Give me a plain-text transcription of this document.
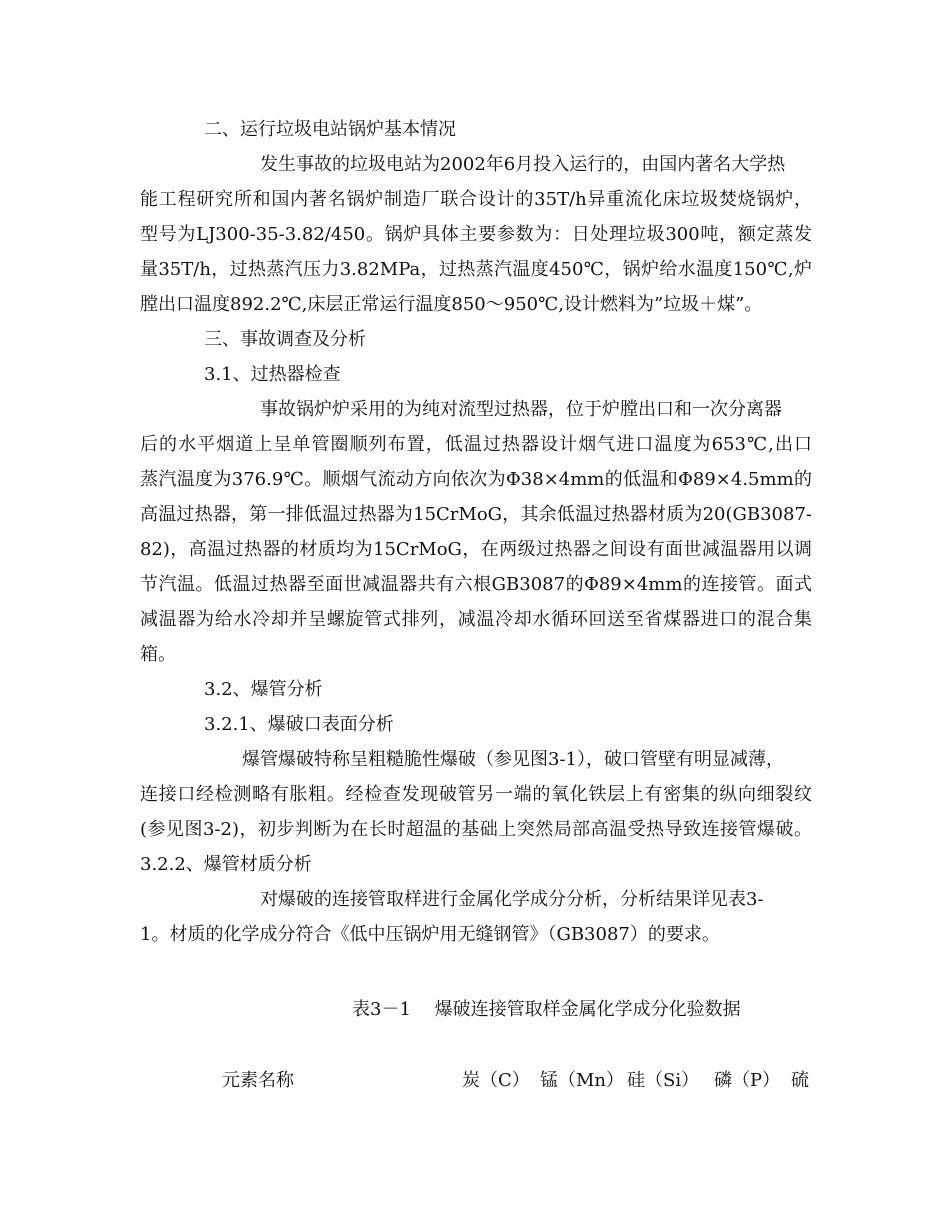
二、运行垃圾电站锅炉基本情况
发生事故的垃圾电站为2002年6月投入运行的，由国内著名大学热
能工程研究所和国内著名锅炉制造厂联合设计的35T/h异重流化床垃圾焚烧锅炉，
型号为LJ300-35-3.82/450。锅炉具体主要参数为：日处理垃圾300吨，额定蒸发
量35T/h，过热蒸汽压力3.82MPa，过热蒸汽温度450℃，锅炉给水温度150℃,炉
膛出口温度892.2℃,床层正常运行温度850～950℃,设计燃料为”垃圾＋煤”。
三、事故调查及分析
3.1、过热器检查
事故锅炉炉采用的为纯对流型过热器，位于炉膛出口和一次分离器
后的水平烟道上呈单管圈顺列布置，低温过热器设计烟气进口温度为653℃,出口
蒸汽温度为376.9℃。顺烟气流动方向依次为Φ38×4mm的低温和Φ89×4.5mm的
高温过热器，第一排低温过热器为15CrMoG，其余低温过热器材质为20(GB3087-
82)，高温过热器的材质均为15CrMoG，在两级过热器之间设有面世减温器用以调
节汽温。低温过热器至面世减温器共有六根GB3087的Φ89×4mm的连接管。面式
减温器为给水冷却并呈螺旋管式排列，减温冷却水循环回送至省煤器进口的混合集
箱。
3.2、爆管分析
3.2.1、爆破口表面分析
爆管爆破特称呈粗糙脆性爆破（参见图3-1），破口管壁有明显减薄，
连接口经检测略有胀粗。经检查发现破管另一端的氧化铁层上有密集的纵向细裂纹
(参见图3-2)，初步判断为在长时超温的基础上突然局部高温受热导致连接管爆破。
3.2.2、爆管材质分析
对爆破的连接管取样进行金属化学成分分析，分析结果详见表3-
1。材质的化学成分符合《低中压锅炉用无缝钢管》（GB3087）的要求。
表3－1　 爆破连接管取样金属化学成分化验数据
元素名称	炭（C） 锰（Mn） 硅（Si） 磷（P） 硫
